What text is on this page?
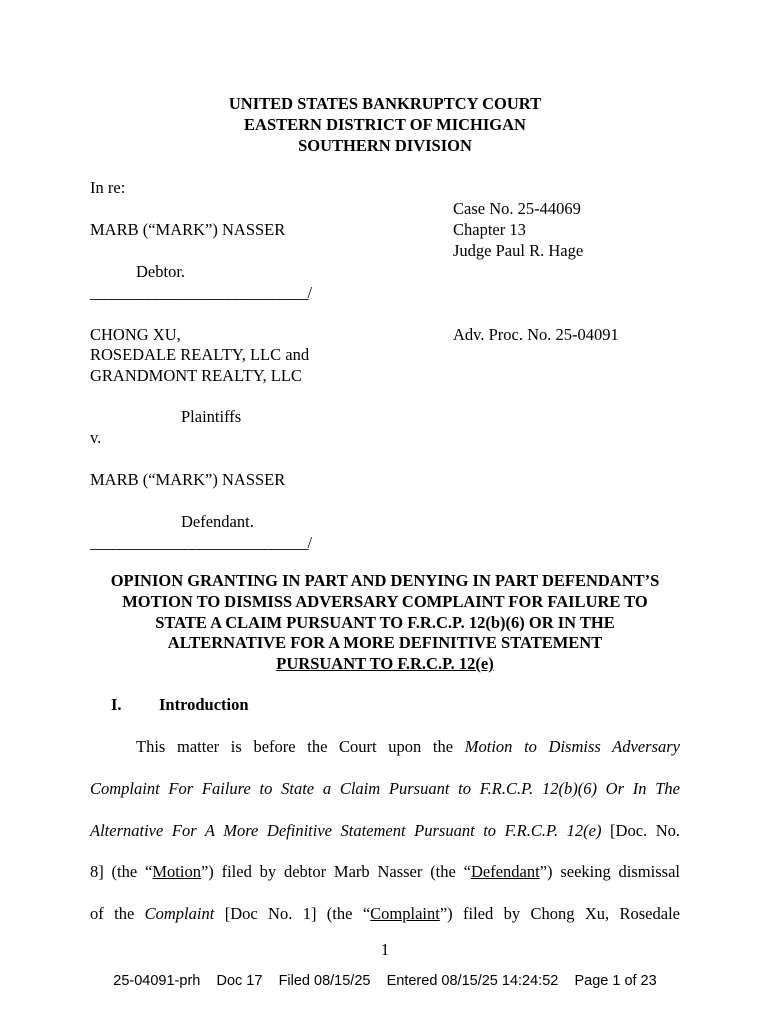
UNITED STATES BANKRUPTCY COURT
EASTERN DISTRICT OF MICHIGAN
SOUTHERN DIVISION
In re:
Case No. 25-44069
MARB (“MARK”) NASSER	Chapter 13
Judge Paul R. Hage
Debtor.
______________________________/
CHONG XU,	Adv. Proc. No. 25-04091
ROSEDALE REALTY, LLC and
GRANDMONT REALTY, LLC
Plaintiffs
v.
MARB (“MARK”) NASSER
Defendant.
______________________________/
OPINION GRANTING IN PART AND DENYING IN PART DEFENDANT’S
MOTION TO DISMISS ADVERSARY COMPLAINT FOR FAILURE TO
STATE A CLAIM PURSUANT TO F.R.C.P. 12(b)(6) OR IN THE
ALTERNATIVE FOR A MORE DEFINITIVE STATEMENT
PURSUANT TO F.R.C.P. 12(e)
I. Introduction
This matter is before the Court upon the Motion to Dismiss Adversary
Complaint For Failure to State a Claim Pursuant to F.R.C.P. 12(b)(6) Or In The
Alternative For A More Definitive Statement Pursuant to F.R.C.P. 12(e) [Doc. No.
8] (the “Motion”) filed by debtor Marb Nasser (the “Defendant”) seeking dismissal
of the Complaint [Doc No. 1] (the “Complaint”) filed by Chong Xu, Rosedale
1
25-04091-prh Doc 17 Filed 08/15/25 Entered 08/15/25 14:24:52 Page 1 of 23
